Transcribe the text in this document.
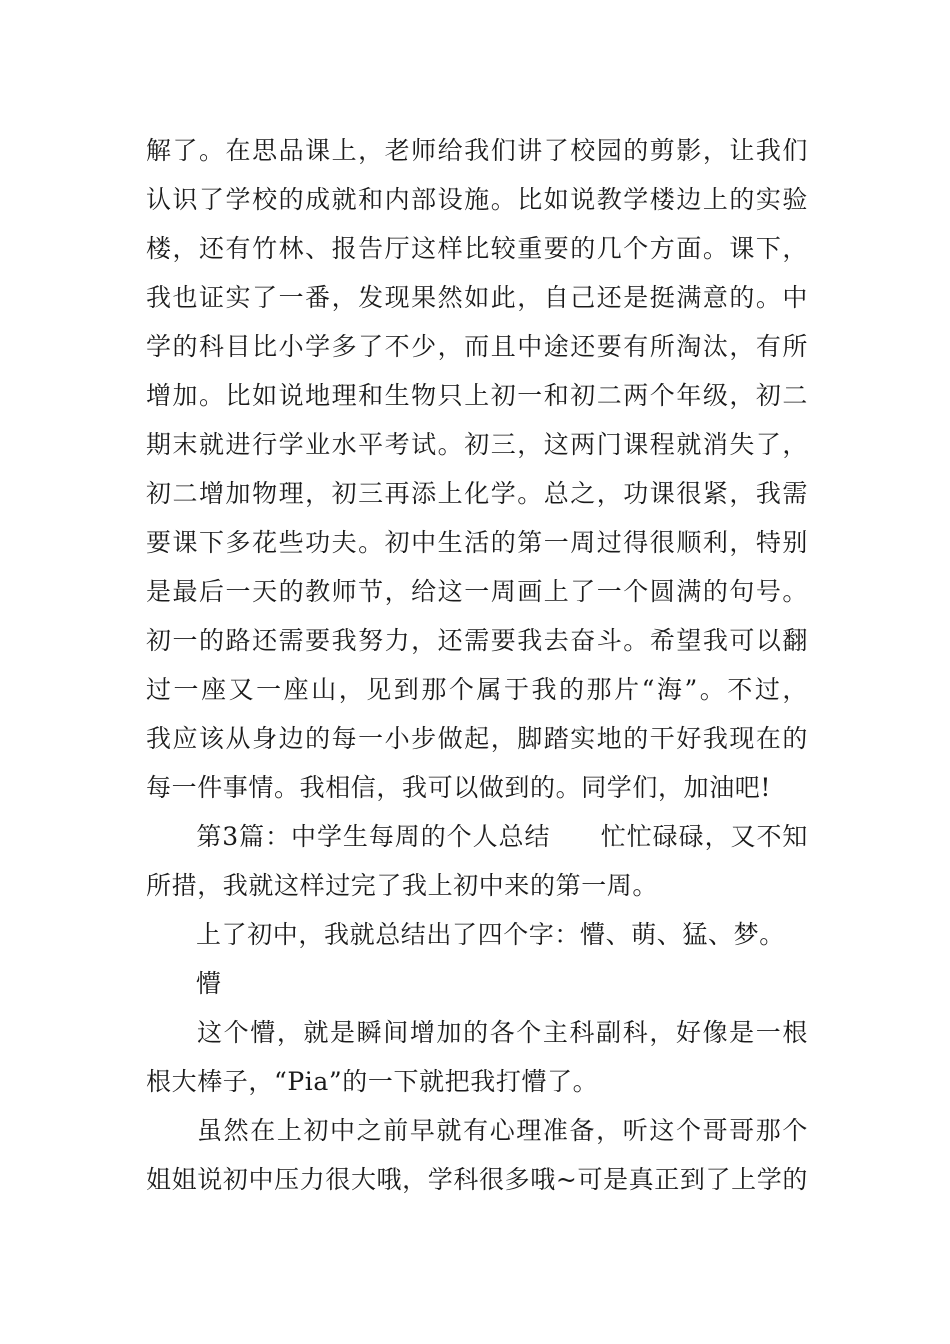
解了。在思品课上，老师给我们讲了校园的剪影，让我们
认识了学校的成就和内部设施。比如说教学楼边上的实验
楼，还有竹林、报告厅这样比较重要的几个方面。课下，
我也证实了一番，发现果然如此，自己还是挺满意的。中
学的科目比小学多了不少，而且中途还要有所淘汰，有所
增加。比如说地理和生物只上初一和初二两个年级，初二
期末就进行学业水平考试。初三，这两门课程就消失了，
初二增加物理，初三再添上化学。总之，功课很紧，我需
要课下多花些功夫。初中生活的第一周过得很顺利，特别
是最后一天的教师节，给这一周画上了一个圆满的句号。
初一的路还需要我努力，还需要我去奋斗。希望我可以翻
过一座又一座山，见到那个属于我的那片“海”。不过，
我应该从身边的每一小步做起，脚踏实地的干好我现在的
每一件事情。我相信，我可以做到的。同学们，加油吧!

第3篇：中学生每周的个人总结 忙忙碌碌，又不知
所措，我就这样过完了我上初中来的第一周。

上了初中，我就总结出了四个字：懵、萌、猛、梦。

懵

这个懵，就是瞬间增加的各个主科副科，好像是一根
根大棒子，“Pia”的一下就把我打懵了。

虽然在上初中之前早就有心理准备，听这个哥哥那个
姐姐说初中压力很大哦，学科很多哦~可是真正到了上学的
